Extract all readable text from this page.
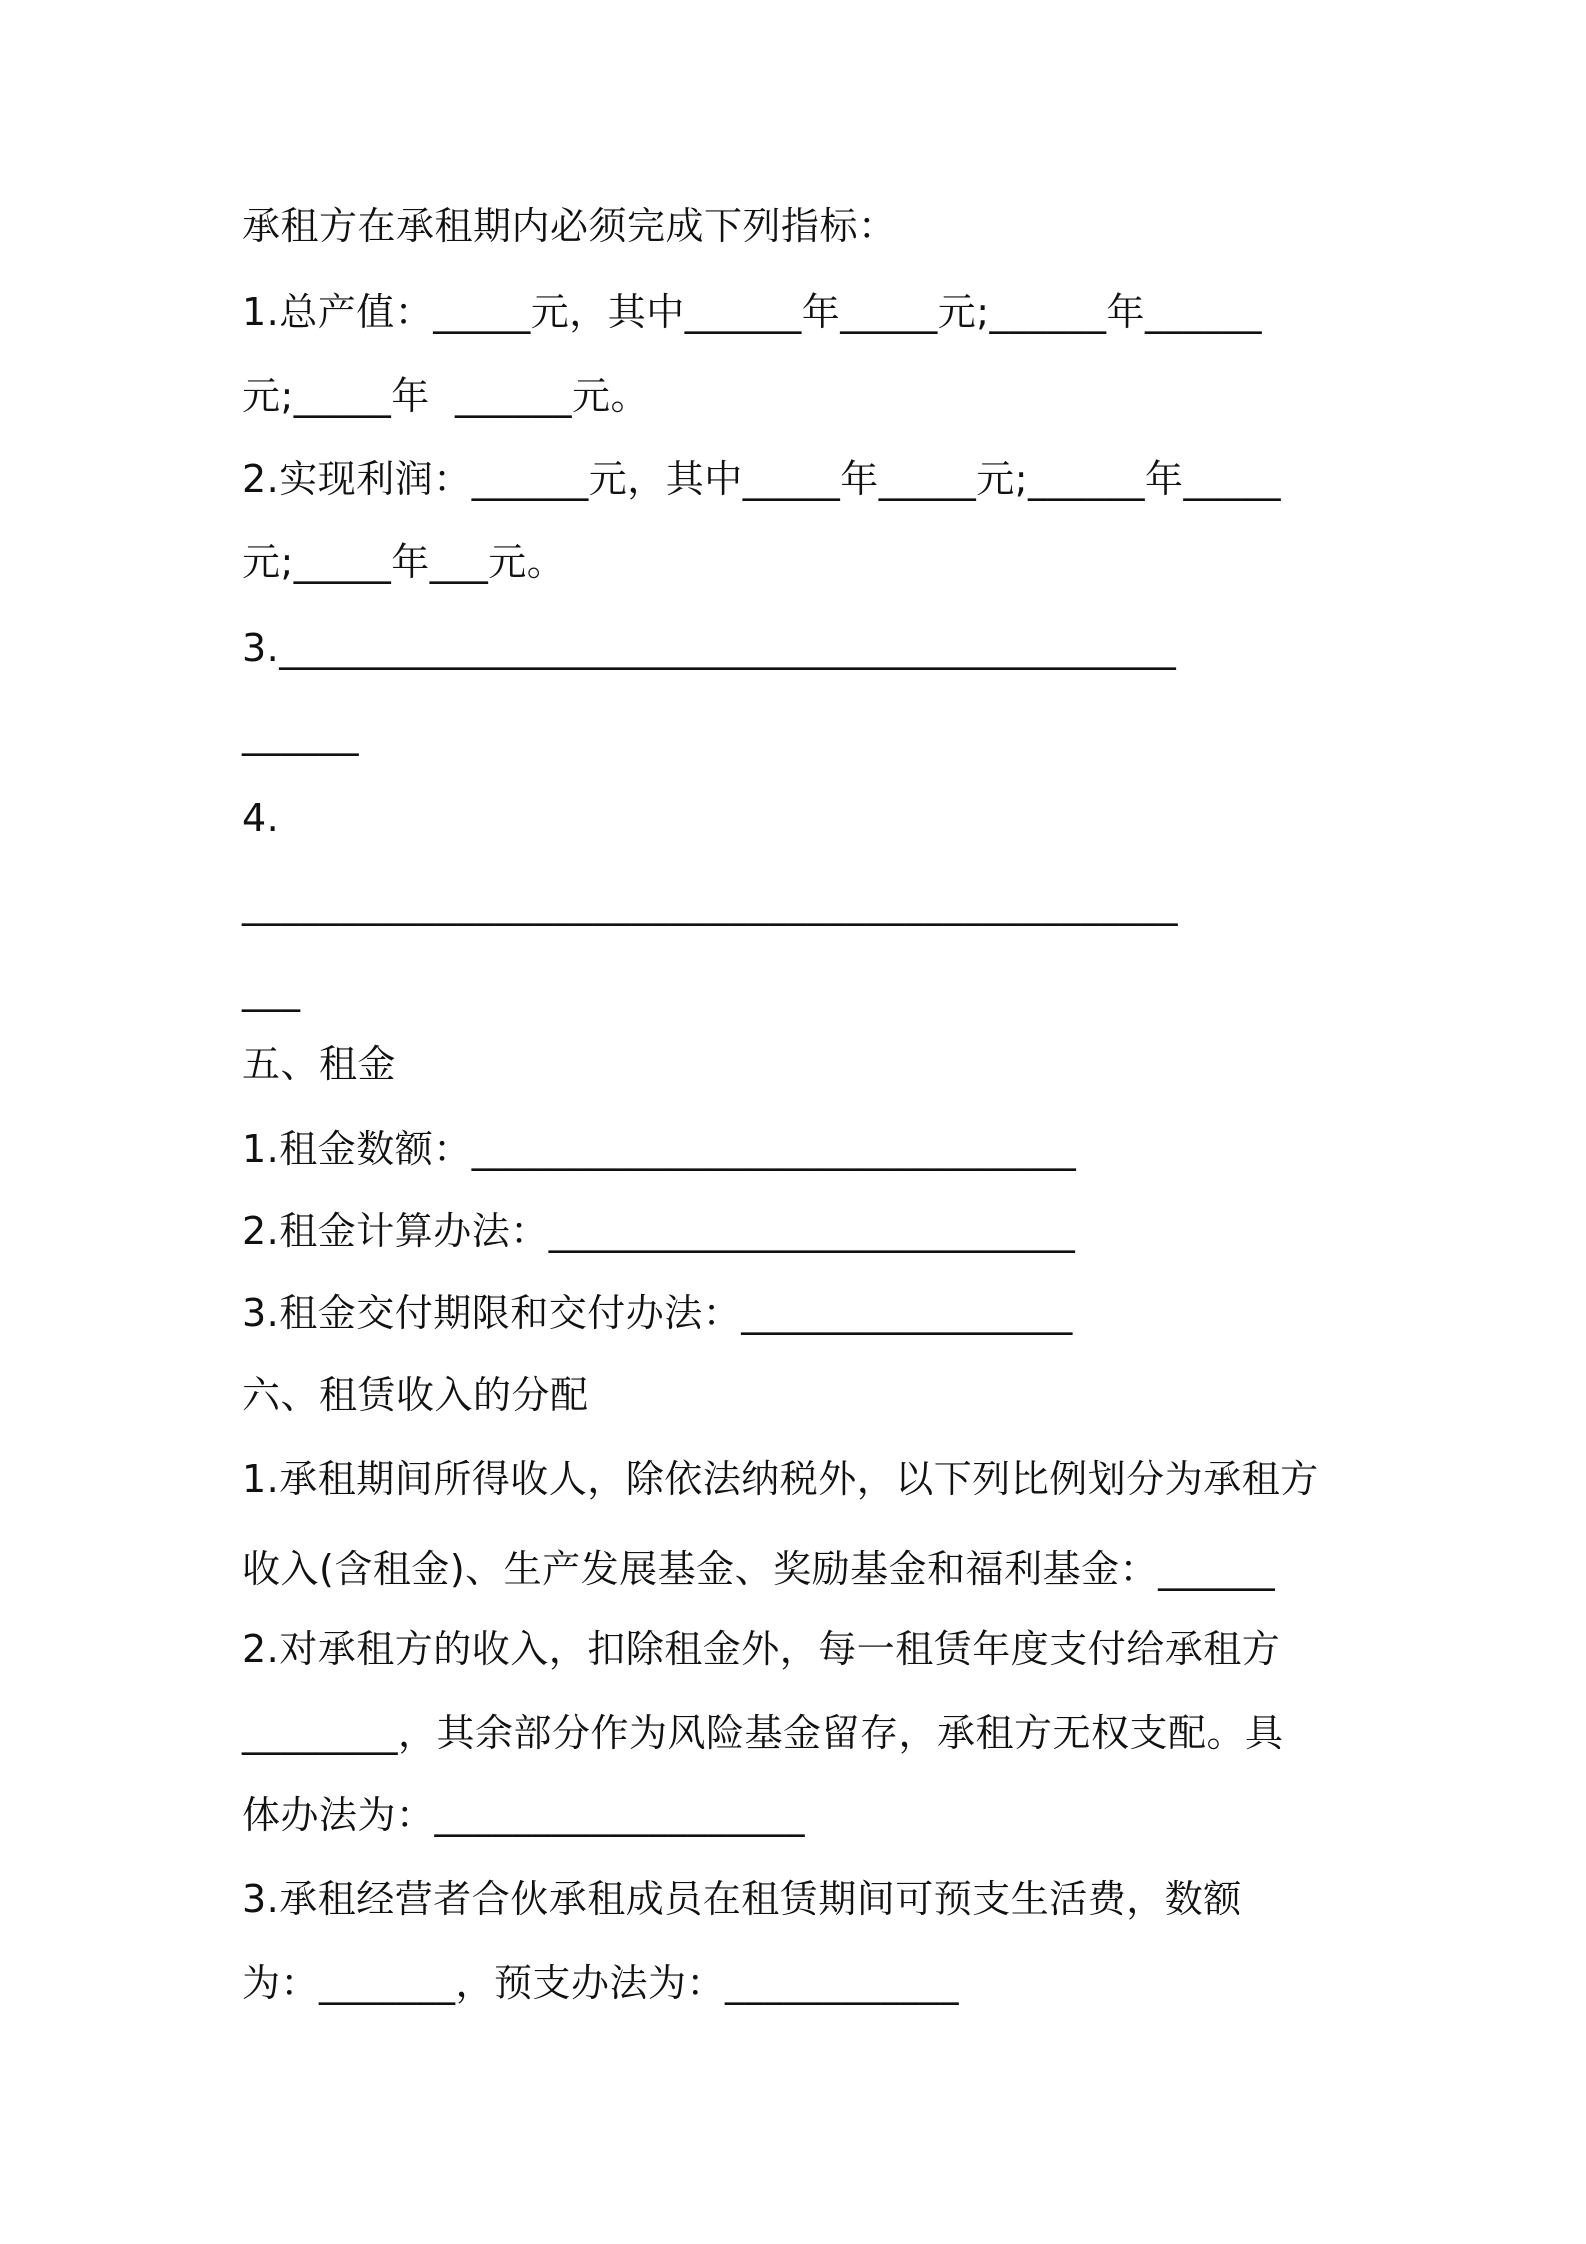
承租方在承租期内必须完成下列指标：
1.总产值：_____元，其中______年_____元;______年______
元;_____年  ______元。
2.实现利润：______元，其中_____年_____元;______年_____
元;_____年___元。
3.______________________________________________
______
4.
________________________________________________
___
五、租金
1.租金数额：_______________________________
2.租金计算办法：___________________________
3.租金交付期限和交付办法：_________________
六、租赁收入的分配
1.承租期间所得收人，除依法纳税外，以下列比例划分为承租方
收入(含租金)、生产发展基金、奖励基金和福利基金：______
2.对承租方的收入，扣除租金外，每一租赁年度支付给承租方
________，其余部分作为风险基金留存，承租方无权支配。具
体办法为：___________________
3.承租经营者合伙承租成员在租赁期间可预支生活费，数额
为：_______，预支办法为：____________
